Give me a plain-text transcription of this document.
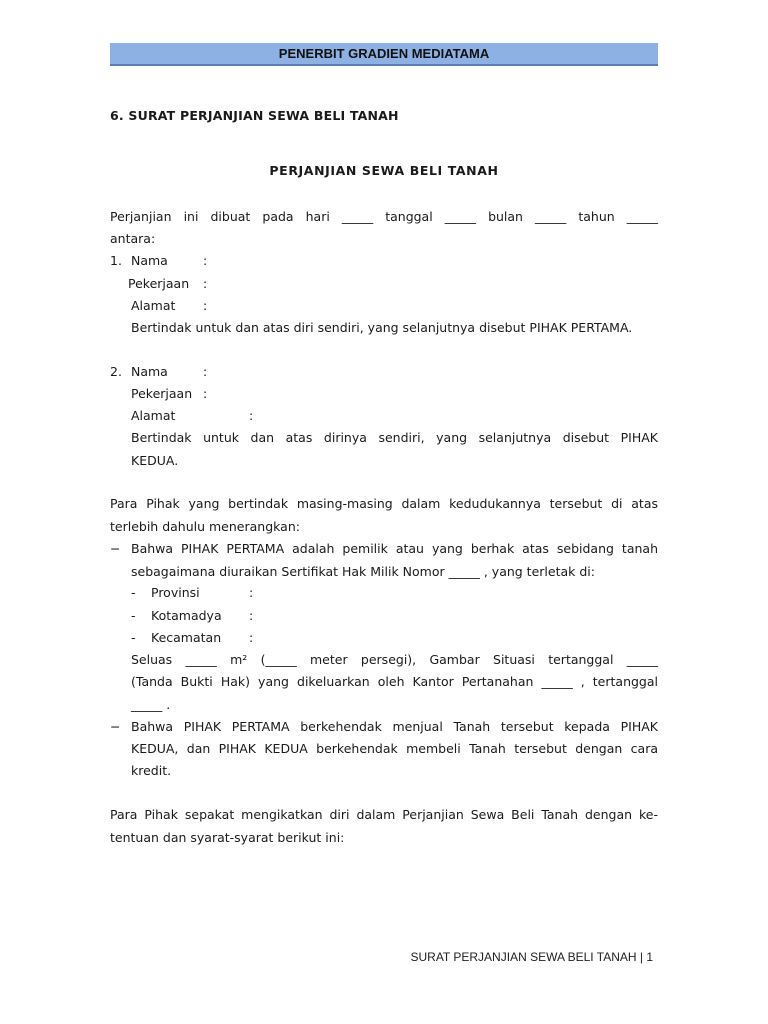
PENERBIT GRADIEN MEDIATAMA
6. SURAT PERJANJIAN SEWA BELI TANAH
PERJANJIAN SEWA BELI TANAH
Perjanjian ini dibuat pada hari _____ tanggal _____ bulan _____ tahun _____
antara:
1. Nama	:
Pekerjaan :
Alamat :
Bertindak untuk dan atas diri sendiri, yang selanjutnya disebut PIHAK PERTAMA.
2. Nama	:
Pekerjaan :
Alamat	:
Bertindak untuk dan atas dirinya sendiri, yang selanjutnya disebut PIHAK
KEDUA.
Para Pihak yang bertindak masing-masing dalam kedudukannya tersebut di atas
terlebih dahulu menerangkan:
− Bahwa PIHAK PERTAMA adalah pemilik atau yang berhak atas sebidang tanah
sebagaimana diuraikan Sertifikat Hak Milik Nomor _____ , yang terletak di:
- Provinsi	:
- Kotamadya :
- Kecamatan :
Seluas _____ m² (_____ meter persegi), Gambar Situasi tertanggal _____
(Tanda Bukti Hak) yang dikeluarkan oleh Kantor Pertanahan _____ , tertanggal
_____ .
− Bahwa PIHAK PERTAMA berkehendak menjual Tanah tersebut kepada PIHAK
KEDUA, dan PIHAK KEDUA berkehendak membeli Tanah tersebut dengan cara
kredit.
Para Pihak sepakat mengikatkan diri dalam Perjanjian Sewa Beli Tanah dengan ke-
tentuan dan syarat-syarat berikut ini:
SURAT PERJANJIAN SEWA BELI TANAH | 1
